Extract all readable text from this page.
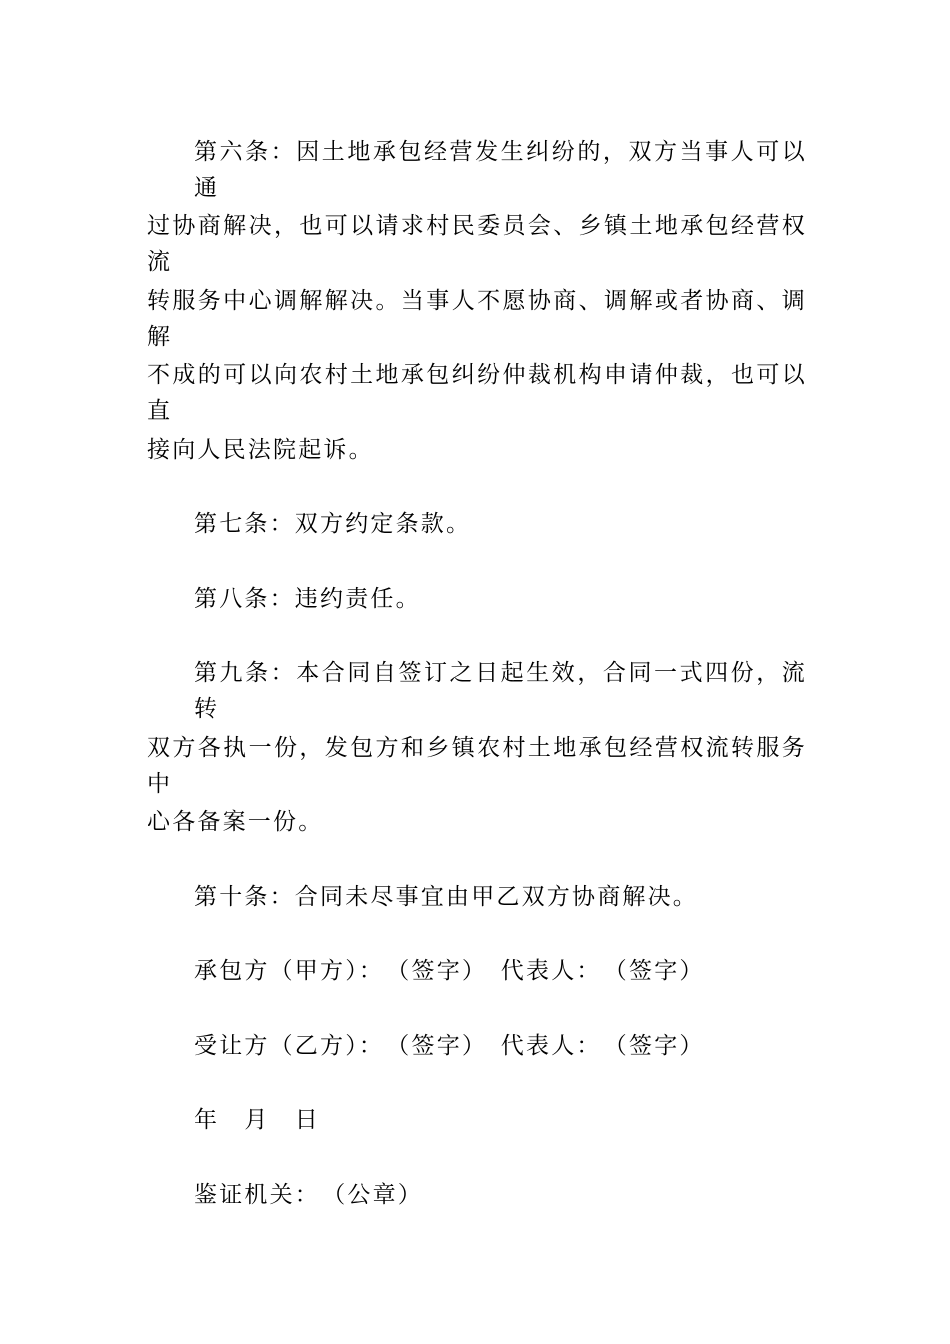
第六条：因土地承包经营发生纠纷的，双方当事人可以通
过协商解决，也可以请求村民委员会、乡镇土地承包经营权流
转服务中心调解解决。当事人不愿协商、调解或者协商、调解
不成的可以向农村土地承包纠纷仲裁机构申请仲裁，也可以直
接向人民法院起诉。
第七条：双方约定条款。
第八条：违约责任。
第九条：本合同自签订之日起生效，合同一式四份，流转
双方各执一份，发包方和乡镇农村土地承包经营权流转服务中
心各备案一份。
第十条：合同未尽事宜由甲乙双方协商解决。
承包方（甲方）：　（签字）　代表人：　（签字）
受让方（乙方）：　（签字）　代表人：　（签字）
年　月　日
鉴证机关：　（公章）
